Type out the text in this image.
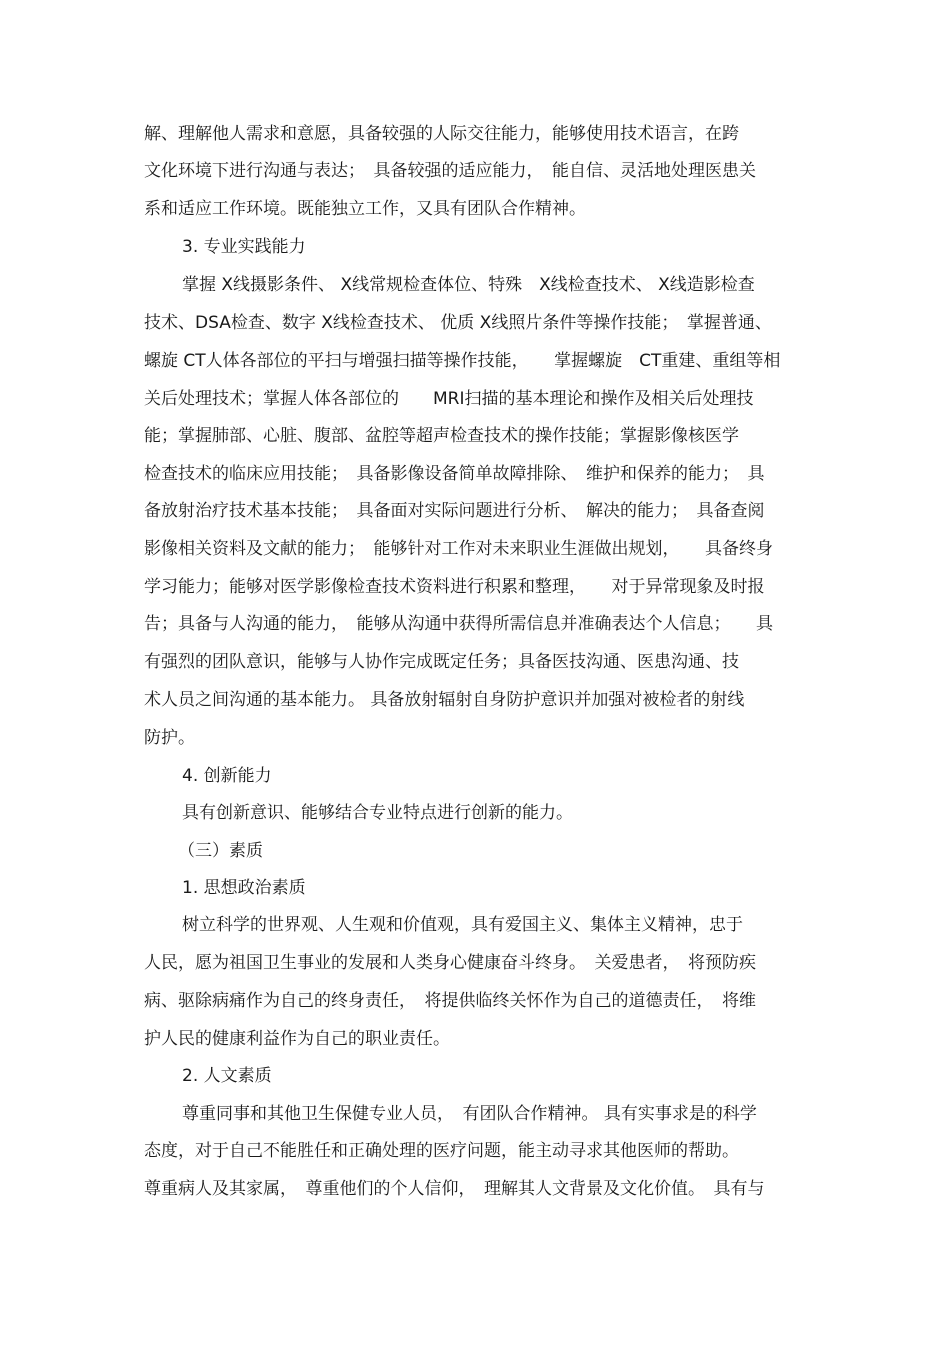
解、理解他人需求和意愿，具备较强的人际交往能力，能够使用技术语言，在跨
文化环境下进行沟通与表达；　具备较强的适应能力，　能自信、灵活地处理医患关
系和适应工作环境。既能独立工作，又具有团队合作精神。
3. 专业实践能力
掌握 X线摄影条件、 X线常规检查体位、特殊　X线检查技术、 X线造影检查
技术、DSA检查、数字 X线检查技术、 优质 X线照片条件等操作技能；　掌握普通、
螺旋 CT人体各部位的平扫与增强扫描等操作技能，　　掌握螺旋　CT重建、重组等相
关后处理技术；掌握人体各部位的　　MRI扫描的基本理论和操作及相关后处理技
能；掌握肺部、心脏、腹部、盆腔等超声检查技术的操作技能；掌握影像核医学
检查技术的临床应用技能；　具备影像设备简单故障排除、　维护和保养的能力；　具
备放射治疗技术基本技能；　具备面对实际问题进行分析、　解决的能力；　具备查阅
影像相关资料及文献的能力；　能够针对工作对未来职业生涯做出规划，　　具备终身
学习能力；能够对医学影像检查技术资料进行积累和整理，　　对于异常现象及时报
告；具备与人沟通的能力，　能够从沟通中获得所需信息并准确表达个人信息；　　具
有强烈的团队意识，能够与人协作完成既定任务；具备医技沟通、医患沟通、技
术人员之间沟通的基本能力。 具备放射辐射自身防护意识并加强对被检者的射线
防护。
4. 创新能力
具有创新意识、能够结合专业特点进行创新的能力。
（三）素质
1. 思想政治素质
树立科学的世界观、人生观和价值观，具有爱国主义、集体主义精神，忠于
人民，愿为祖国卫生事业的发展和人类身心健康奋斗终身。　关爱患者，　将预防疾
病、驱除病痛作为自己的终身责任，　将提供临终关怀作为自己的道德责任，　将维
护人民的健康利益作为自己的职业责任。
2. 人文素质
尊重同事和其他卫生保健专业人员，　有团队合作精神。 具有实事求是的科学
态度，对于自己不能胜任和正确处理的医疗问题，能主动寻求其他医师的帮助。
尊重病人及其家属，　尊重他们的个人信仰，　理解其人文背景及文化价值。　具有与
